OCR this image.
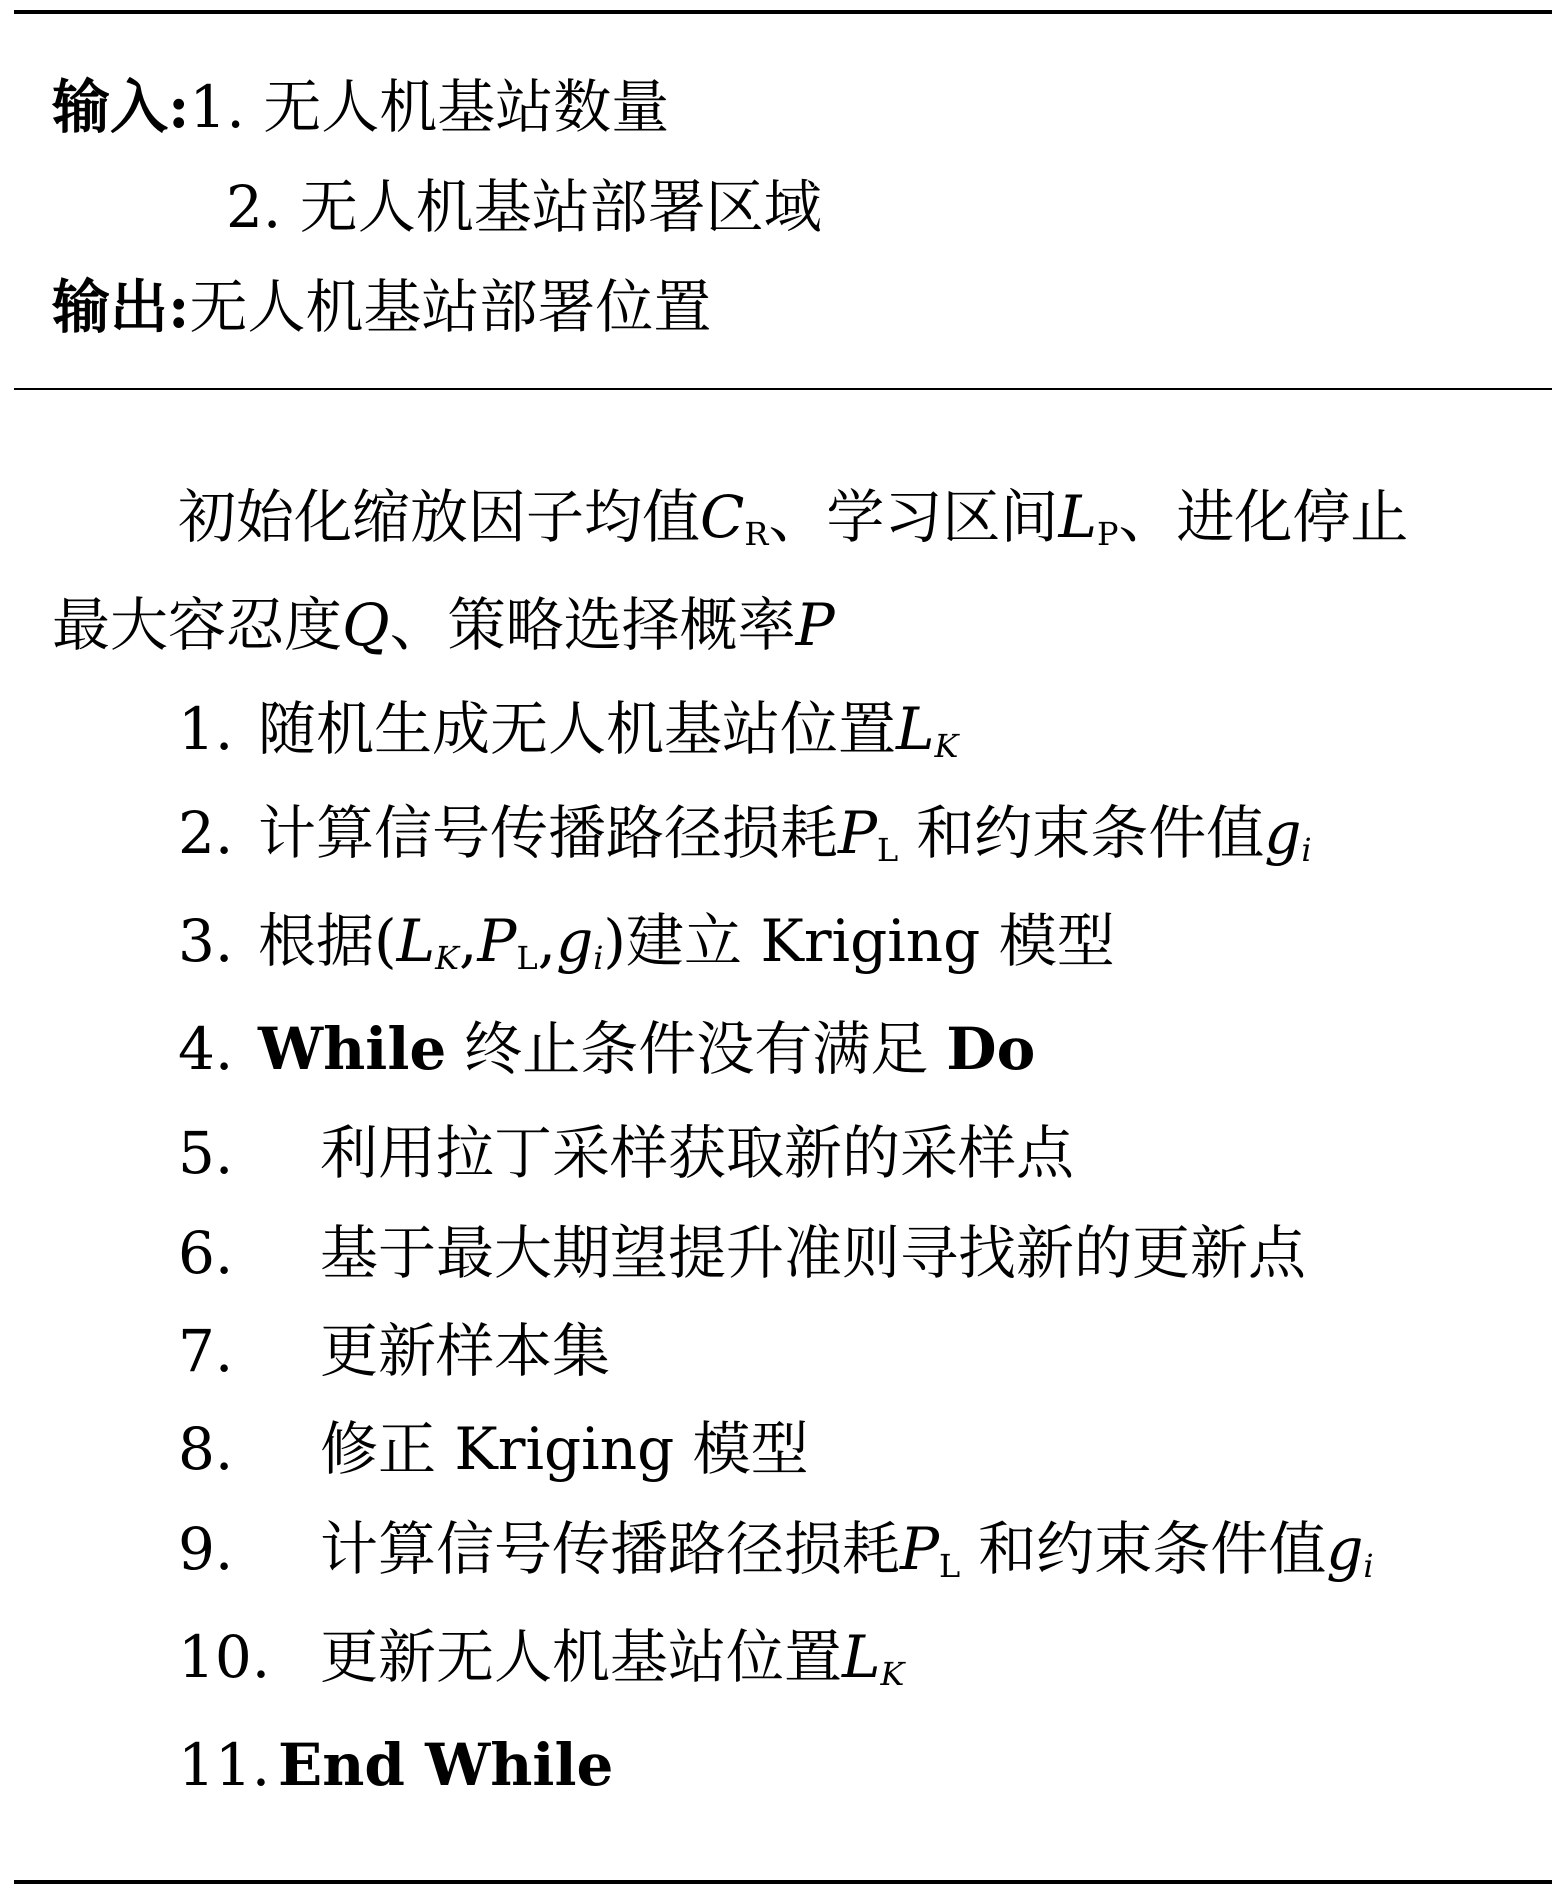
输入:1. 无人机基站数量
2. 无人机基站部署区域
输出:无人机基站部署位置
初始化缩放因子均值$C_R$、学习区间$L_P$、进化停止
最大容忍度Q、策略选择概率P
1. 随机生成无人机基站位置$L_K$
2. 计算信号传播路径损耗$P_L$ 和约束条件值$g_i$
3. 根据$(L_K,P_L,g_i)$建立 Kriging 模型
4. While 终止条件没有满足 Do
5. 利用拉丁采样获取新的采样点
6. 基于最大期望提升准则寻找新的更新点
7. 更新样本集
8. 修正 Kriging 模型
9. 计算信号传播路径损耗$P_L$ 和约束条件值$g_i$
10. 更新无人机基站位置$L_K$
11. End While
